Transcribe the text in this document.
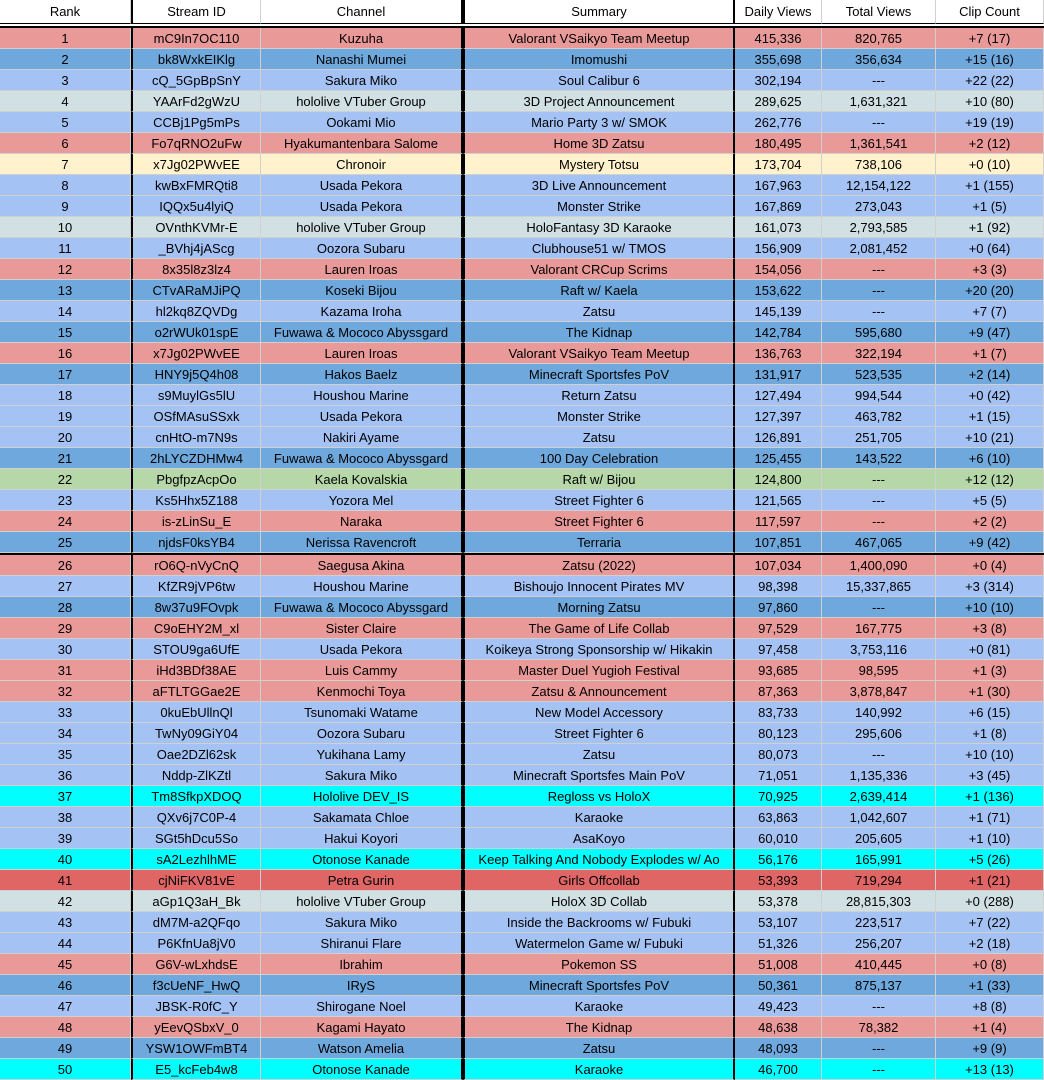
Rank	Stream ID	Channel	Summary	Daily Views	Total Views	Clip Count
1	mC9In7OC110	Kuzuha	Valorant VSaikyo Team Meetup	415,336	820,765	+7 (17)
2	bk8WxkEIKlg	Nanashi Mumei	Imomushi	355,698	356,634	+15 (16)
3	cQ_5GpBpSnY	Sakura Miko	Soul Calibur 6	302,194	---	+22 (22)
4	YAArFd2gWzU	hololive VTuber Group	3D Project Announcement	289,625	1,631,321	+10 (80)
5	CCBj1Pg5mPs	Ookami Mio	Mario Party 3 w/ SMOK	262,776	---	+19 (19)
6	Fo7qRNO2uFw	Hyakumantenbara Salome	Home 3D Zatsu	180,495	1,361,541	+2 (12)
7	x7Jg02PWvEE	Chronoir	Mystery Totsu	173,704	738,106	+0 (10)
8	kwBxFMRQti8	Usada Pekora	3D Live Announcement	167,963	12,154,122	+1 (155)
9	IQQx5u4lyiQ	Usada Pekora	Monster Strike	167,869	273,043	+1 (5)
10	OVnthKVMr-E	hololive VTuber Group	HoloFantasy 3D Karaoke	161,073	2,793,585	+1 (92)
11	_BVhj4jAScg	Oozora Subaru	Clubhouse51 w/ TMOS	156,909	2,081,452	+0 (64)
12	8x35l8z3lz4	Lauren Iroas	Valorant CRCup Scrims	154,056	---	+3 (3)
13	CTvARaMJiPQ	Koseki Bijou	Raft w/ Kaela	153,622	---	+20 (20)
14	hl2kq8ZQVDg	Kazama Iroha	Zatsu	145,139	---	+7 (7)
15	o2rWUk01spE	Fuwawa & Mococo Abyssgard	The Kidnap	142,784	595,680	+9 (47)
16	x7Jg02PWvEE	Lauren Iroas	Valorant VSaikyo Team Meetup	136,763	322,194	+1 (7)
17	HNY9j5Q4h08	Hakos Baelz	Minecraft Sportsfes PoV	131,917	523,535	+2 (14)
18	s9MuylGs5lU	Houshou Marine	Return Zatsu	127,494	994,544	+0 (42)
19	OSfMAsuSSxk	Usada Pekora	Monster Strike	127,397	463,782	+1 (15)
20	cnHtO-m7N9s	Nakiri Ayame	Zatsu	126,891	251,705	+10 (21)
21	2hLYCZDHMw4	Fuwawa & Mococo Abyssgard	100 Day Celebration	125,455	143,522	+6 (10)
22	PbgfpzAcpOo	Kaela Kovalskia	Raft w/ Bijou	124,800	---	+12 (12)
23	Ks5Hhx5Z188	Yozora Mel	Street Fighter 6	121,565	---	+5 (5)
24	is-zLinSu_E	Naraka	Street Fighter 6	117,597	---	+2 (2)
25	njdsF0ksYB4	Nerissa Ravencroft	Terraria	107,851	467,065	+9 (42)
26	rO6Q-nVyCnQ	Saegusa Akina	Zatsu (2022)	107,034	1,400,090	+0 (4)
27	KfZR9jVP6tw	Houshou Marine	Bishoujo Innocent Pirates MV	98,398	15,337,865	+3 (314)
28	8w37u9FOvpk	Fuwawa & Mococo Abyssgard	Morning Zatsu	97,860	---	+10 (10)
29	C9oEHY2M_xl	Sister Claire	The Game of Life Collab	97,529	167,775	+3 (8)
30	STOU9ga6UfE	Usada Pekora	Koikeya Strong Sponsorship w/ Hikakin	97,458	3,753,116	+0 (81)
31	iHd3BDf38AE	Luis Cammy	Master Duel Yugioh Festival	93,685	98,595	+1 (3)
32	aFTLTGGae2E	Kenmochi Toya	Zatsu & Announcement	87,363	3,878,847	+1 (30)
33	0kuEbUllnQl	Tsunomaki Watame	New Model Accessory	83,733	140,992	+6 (15)
34	TwNy09GiY04	Oozora Subaru	Street Fighter 6	80,123	295,606	+1 (8)
35	Oae2DZl62sk	Yukihana Lamy	Zatsu	80,073	---	+10 (10)
36	Nddp-ZlKZtl	Sakura Miko	Minecraft Sportsfes Main PoV	71,051	1,135,336	+3 (45)
37	Tm8SfkpXDOQ	Hololive DEV_IS	Regloss vs HoloX	70,925	2,639,414	+1 (136)
38	QXv6j7C0P-4	Sakamata Chloe	Karaoke	63,863	1,042,607	+1 (71)
39	SGt5hDcu5So	Hakui Koyori	AsaKoyo	60,010	205,605	+1 (10)
40	sA2LezhlhME	Otonose Kanade	Keep Talking And Nobody Explodes w/ Ao	56,176	165,991	+5 (26)
41	cjNiFKV81vE	Petra Gurin	Girls Offcollab	53,393	719,294	+1 (21)
42	aGp1Q3aH_Bk	hololive VTuber Group	HoloX 3D Collab	53,378	28,815,303	+0 (288)
43	dM7M-a2QFqo	Sakura Miko	Inside the Backrooms w/ Fubuki	53,107	223,517	+7 (22)
44	P6KfnUa8jV0	Shiranui Flare	Watermelon Game w/ Fubuki	51,326	256,207	+2 (18)
45	G6V-wLxhdsE	Ibrahim	Pokemon SS	51,008	410,445	+0 (8)
46	f3cUeNF_HwQ	IRyS	Minecraft Sportsfes PoV	50,361	875,137	+1 (33)
47	JBSK-R0fC_Y	Shirogane Noel	Karaoke	49,423	---	+8 (8)
48	yEevQSbxV_0	Kagami Hayato	The Kidnap	48,638	78,382	+1 (4)
49	YSW1OWFmBT4	Watson Amelia	Zatsu	48,093	---	+9 (9)
50	E5_kcFeb4w8	Otonose Kanade	Karaoke	46,700	---	+13 (13)
